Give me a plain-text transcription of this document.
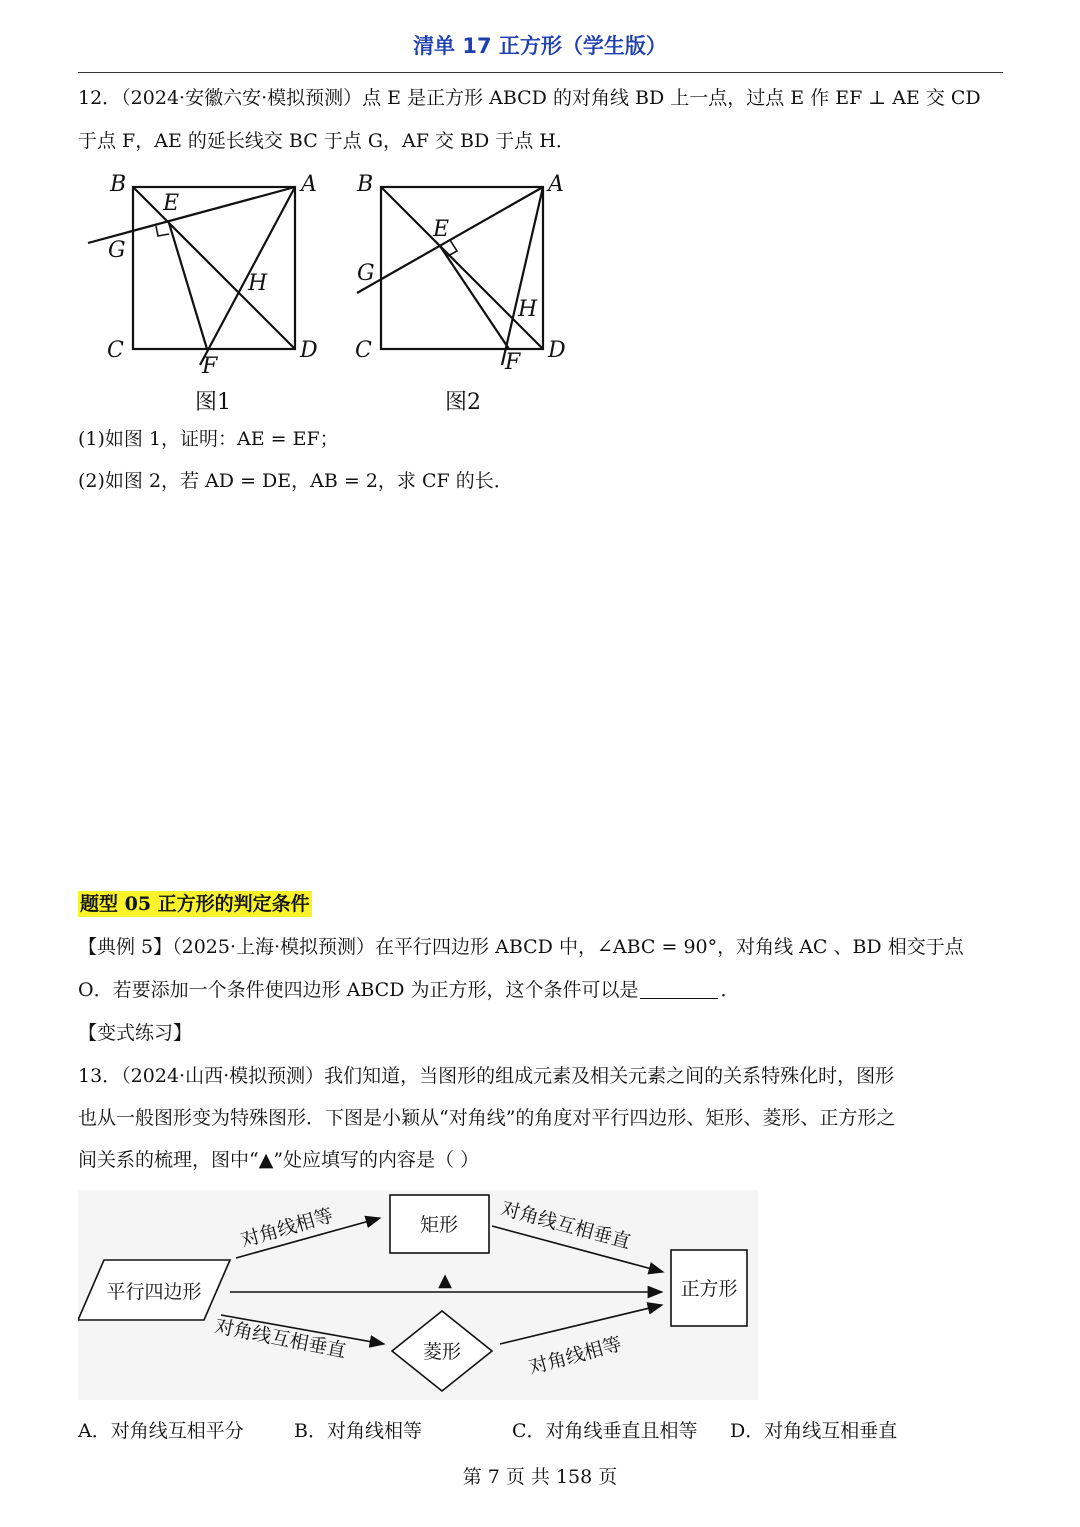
清单 17 正方形（学生版）
12．（2024·安徽六安·模拟预测）点 E 是正方形 ABCD 的对角线 BD 上一点，过点 E 作 EF ⊥ AE 交 CD
于点 F，AE 的延长线交 BC 于点 G，AF 交 BD 于点 H．
B	A
E
G
H
C	D
F
图1
B	A
E
G
H
C	D
F
图2
(1)如图 1，证明：AE = EF；
(2)如图 2，若 AD = DE，AB = 2，求 CF 的长．
题型 05 正方形的判定条件
【典例 5】（2025·上海·模拟预测）在平行四边形 ABCD 中，∠ABC = 90°，对角线 AC 、BD 相交于点
O．若要添加一个条件使四边形 ABCD 为正方形，这个条件可以是	．
【变式练习】
13．（2024·山西·模拟预测）我们知道，当图形的组成元素及相关元素之间的关系特殊化时，图形
也从一般图形变为特殊图形．下图是小颖从“对角线”的角度对平行四边形、矩形、菱形、正方形之
间关系的梳理，图中“▲”处应填写的内容是（ ）
平行四边形
矩形
菱形
正方形
▲
对角线相等	对角线互相垂直
对角线互相垂直	对角线相等
A．对角线互相平分	B．对角线相等	C．对角线垂直且相等 D．对角线互相垂直
第 7 页 共 158 页
